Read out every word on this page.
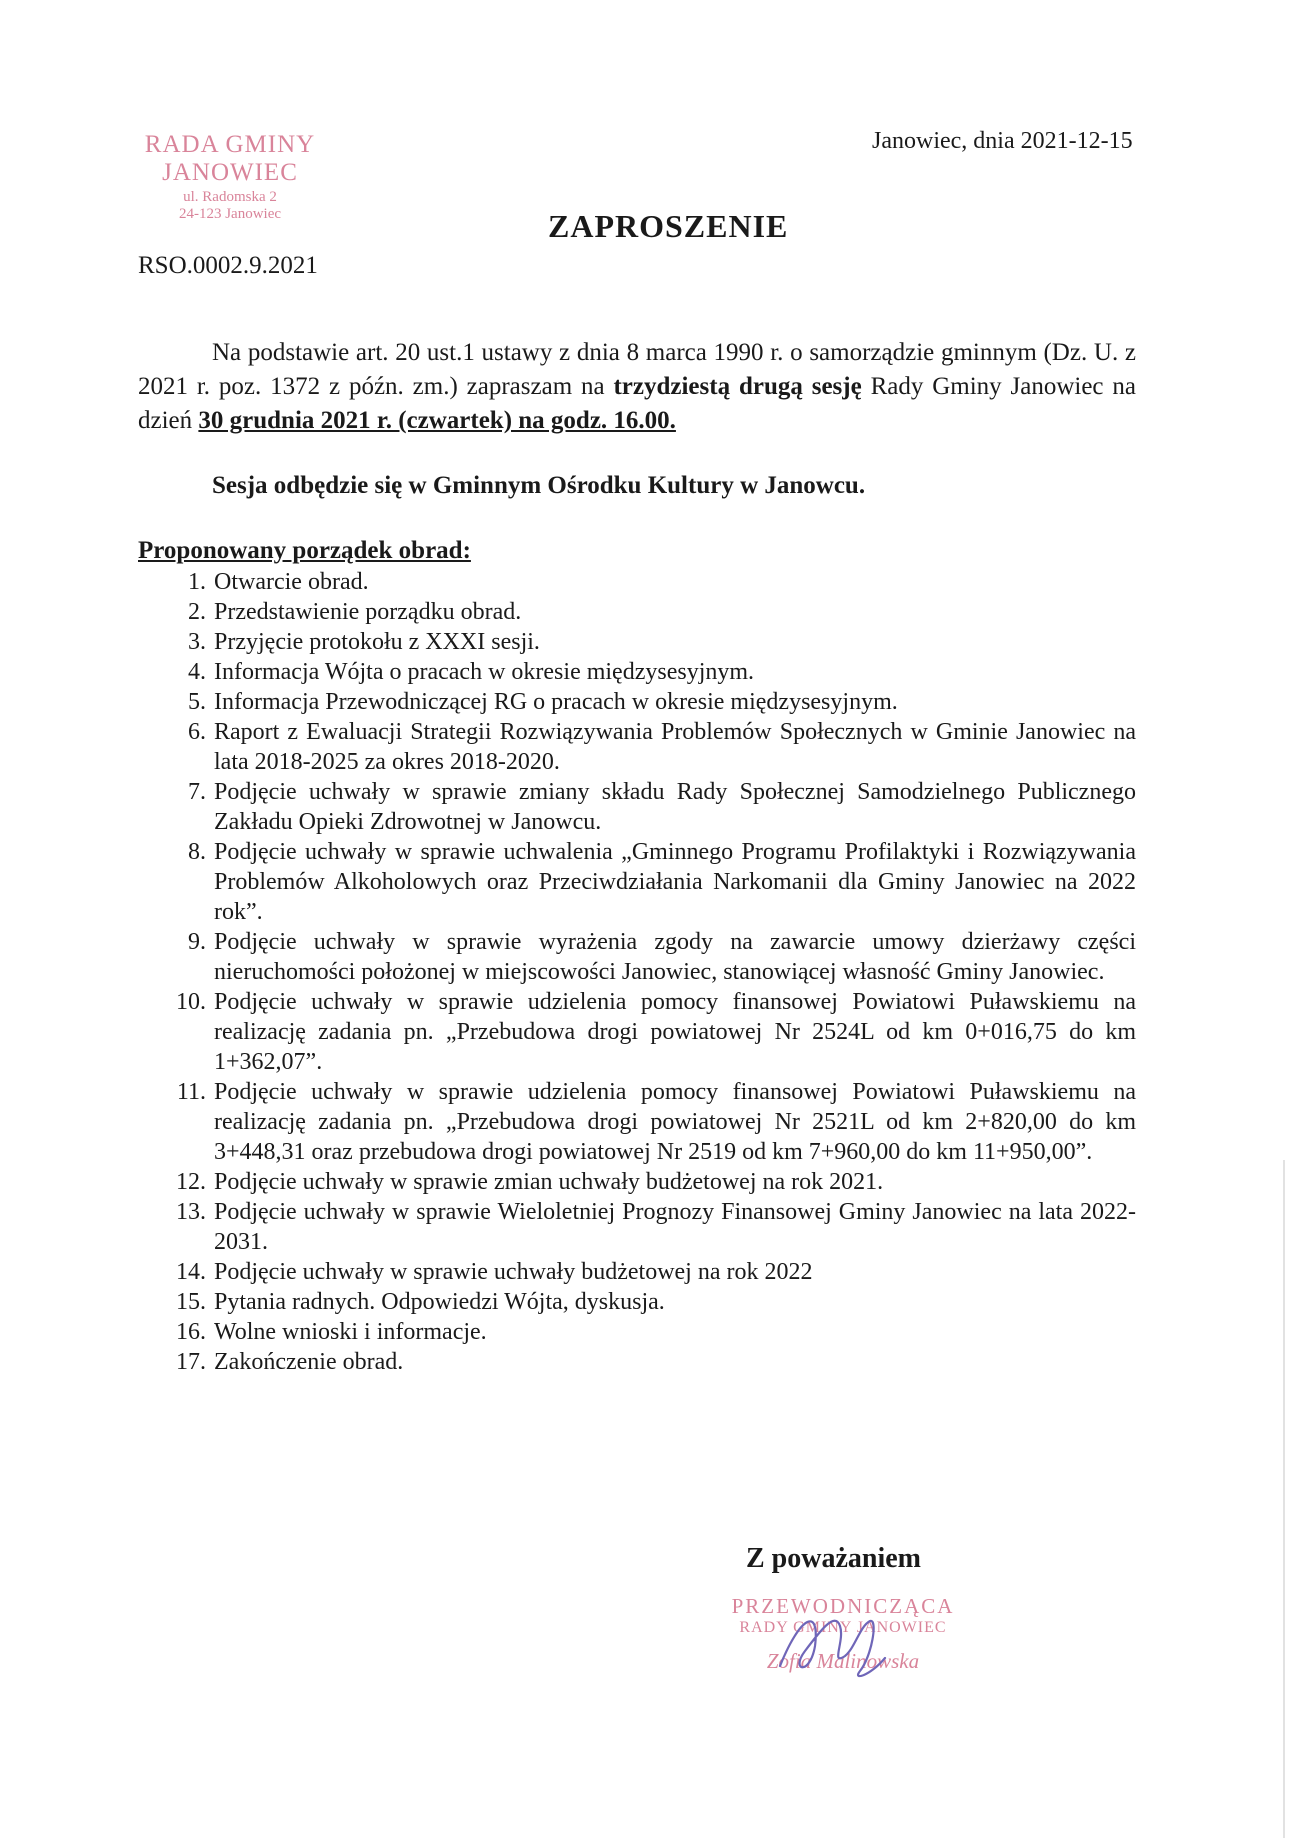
RADA GMINY
JANOWIEC
ul. Radomska 2
24-123 Janowiec
Janowiec, dnia 2021-12-15
ZAPROSZENIE
RSO.0002.9.2021

Na podstawie art. 20 ust.1 ustawy z dnia 8 marca 1990 r. o samorządzie gminnym (Dz. U. z 2021 r. poz. 1372 z późn. zm.) zapraszam na trzydziestą drugą sesję Rady Gminy Janowiec na dzień 30 grudnia 2021 r. (czwartek) na godz. 16.00.

Sesja odbędzie się w Gminnym Ośrodku Kultury w Janowcu.
Proponowany porządek obrad:
1. Otwarcie obrad.
2. Przedstawienie porządku obrad.
3. Przyjęcie protokołu z XXXI sesji.
4. Informacja Wójta o pracach w okresie międzysesyjnym.
5. Informacja Przewodniczącej RG o pracach w okresie międzysesyjnym.
6. Raport z Ewaluacji Strategii Rozwiązywania Problemów Społecznych w Gminie Janowiec na lata 2018-2025 za okres 2018-2020.
7. Podjęcie uchwały w sprawie zmiany składu Rady Społecznej Samodzielnego Publicznego Zakładu Opieki Zdrowotnej w Janowcu.
8. Podjęcie uchwały w sprawie uchwalenia „Gminnego Programu Profilaktyki i Rozwiązywania Problemów Alkoholowych oraz Przeciwdziałania Narkomanii dla Gminy Janowiec na 2022 rok”.
9. Podjęcie uchwały w sprawie wyrażenia zgody na zawarcie umowy dzierżawy części nieruchomości położonej w miejscowości Janowiec, stanowiącej własność Gminy Janowiec.
10. Podjęcie uchwały w sprawie udzielenia pomocy finansowej Powiatowi Puławskiemu na realizację zadania pn. „Przebudowa drogi powiatowej Nr 2524L od km 0+016,75 do km 1+362,07”.
11. Podjęcie uchwały w sprawie udzielenia pomocy finansowej Powiatowi Puławskiemu na realizację zadania pn. „Przebudowa drogi powiatowej Nr 2521L od km 2+820,00 do km 3+448,31 oraz przebudowa drogi powiatowej Nr 2519 od km 7+960,00 do km 11+950,00”.
12. Podjęcie uchwały w sprawie zmian uchwały budżetowej na rok 2021.
13. Podjęcie uchwały w sprawie Wieloletniej Prognozy Finansowej Gminy Janowiec na lata 2022-2031.
14. Podjęcie uchwały w sprawie uchwały budżetowej na rok 2022
15. Pytania radnych. Odpowiedzi Wójta, dyskusja.
16. Wolne wnioski i informacje.
17. Zakończenie obrad.
Z poważaniem
PRZEWODNICZĄCA
RADY GMINY JANOWIEC
Zofia Malinowska
